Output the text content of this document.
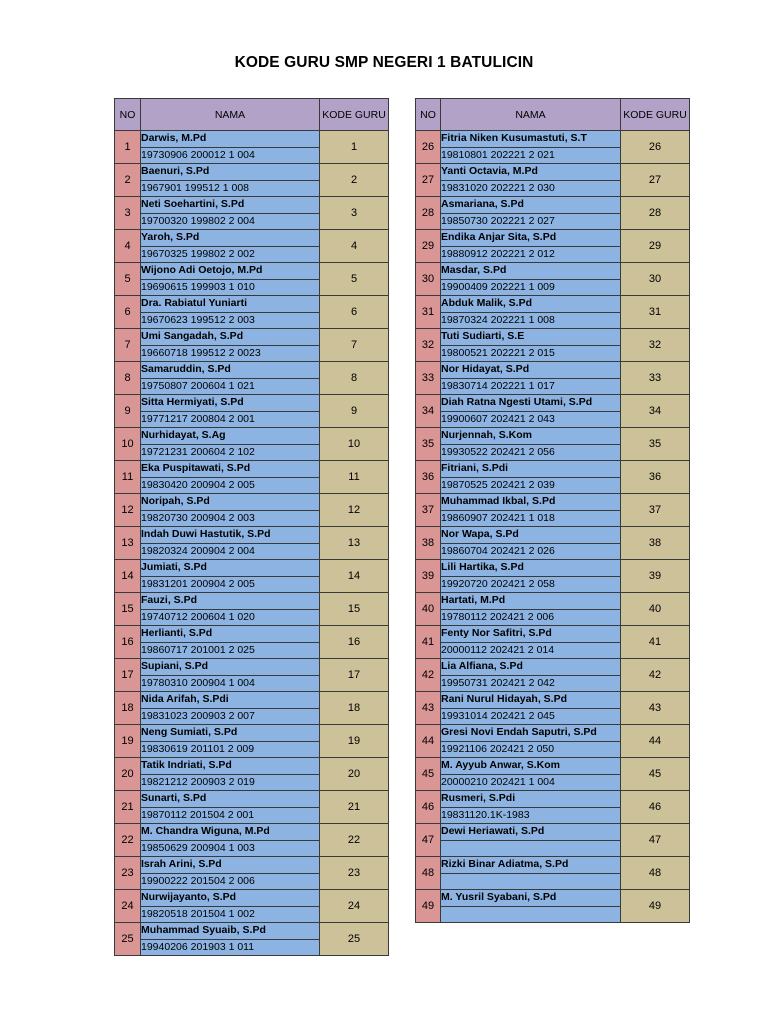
KODE GURU SMP NEGERI 1 BATULICIN
NO	NAMA	KODE GURU
1	Darwis, M.Pd	1
	19730906 200012 1 004	
2	Baenuri, S.Pd	2
	1967901 199512 1 008	
3	Neti Soehartini, S.Pd	3
	19700320 199802 2 004	
4	Yaroh, S.Pd	4
	19670325 199802 2 002	
5	Wijono Adi Oetojo, M.Pd	5
	19690615 199903 1 010	
6	Dra. Rabiatul Yuniarti	6
	19670623 199512 2 003	
7	Umi Sangadah, S.Pd	7
	19660718 199512 2 0023	
8	Samaruddin, S.Pd	8
	19750807 200604 1 021	
9	Sitta Hermiyati, S.Pd	9
	19771217 200804 2 001	
10	Nurhidayat, S.Ag	10
	19721231 200604 2 102	
11	Eka Puspitawati, S.Pd	11
	19830420 200904 2 005	
12	Noripah, S.Pd	12
	19820730 200904 2 003	
13	Indah Duwi Hastutik, S.Pd	13
	19820324 200904 2 004	
14	Jumiati, S.Pd	14
	19831201 200904 2 005	
15	Fauzi, S.Pd	15
	19740712 200604 1 020	
16	Herlianti, S.Pd	16
	19860717 201001 2 025	
17	Supiani, S.Pd	17
	19780310 200904 1 004	
18	Nida Arifah, S.Pdi	18
	19831023 200903 2 007	
19	Neng Sumiati, S.Pd	19
	19830619 201101 2 009	
20	Tatik Indriati, S.Pd	20
	19821212 200903 2 019	
21	Sunarti, S.Pd	21
	19870112 201504 2 001	
22	M. Chandra Wiguna, M.Pd	22
	19850629 200904 1 003	
23	Israh Arini, S.Pd	23
	19900222 201504 2 006	
24	Nurwijayanto, S.Pd	24
	19820518 201504 1 002	
25	Muhammad Syuaib, S.Pd	25
	19940206 201903 1 011	
NO	NAMA	KODE GURU
26	Fitria Niken Kusumastuti, S.T	26
	19810801 202221 2 021	
27	Yanti Octavia, M.Pd	27
	19831020 202221 2 030	
28	Asmariana, S.Pd	28
	19850730 202221 2 027	
29	Endika Anjar Sita, S.Pd	29
	19880912 202221 2 012	
30	Masdar, S.Pd	30
	19900409 202221 1 009	
31	Abduk Malik, S.Pd	31
	19870324 202221 1 008	
32	Tuti Sudiarti, S.E	32
	19800521 202221 2 015	
33	Nor Hidayat, S.Pd	33
	19830714 202221 1 017	
34	Diah Ratna Ngesti Utami, S.Pd	34
	19900607 202421 2 043	
35	Nurjennah, S.Kom	35
	19930522 202421 2 056	
36	Fitriani, S.Pdi	36
	19870525 202421 2 039	
37	Muhammad Ikbal, S.Pd	37
	19860907 202421 1 018	
38	Nor Wapa, S.Pd	38
	19860704 202421 2 026	
39	Lili Hartika, S.Pd	39
	19920720 202421 2 058	
40	Hartati, M.Pd	40
	19780112 202421 2 006	
41	Fenty Nor Safitri, S.Pd	41
	20000112 202421 2 014	
42	Lia Alfiana, S.Pd	42
	19950731 202421 2 042	
43	Rani Nurul Hidayah, S.Pd	43
	19931014 202421 2 045	
44	Gresi Novi Endah Saputri, S.Pd	44
	19921106 202421 2 050	
45	M. Ayyub Anwar, S.Kom	45
	20000210 202421 1 004	
46	Rusmeri, S.Pdi	46
	19831120.1K-1983	
47	Dewi Heriawati, S.Pd	47

48	Rizki Binar Adiatma, S.Pd	48

49	M. Yusril Syabani, S.Pd	49
